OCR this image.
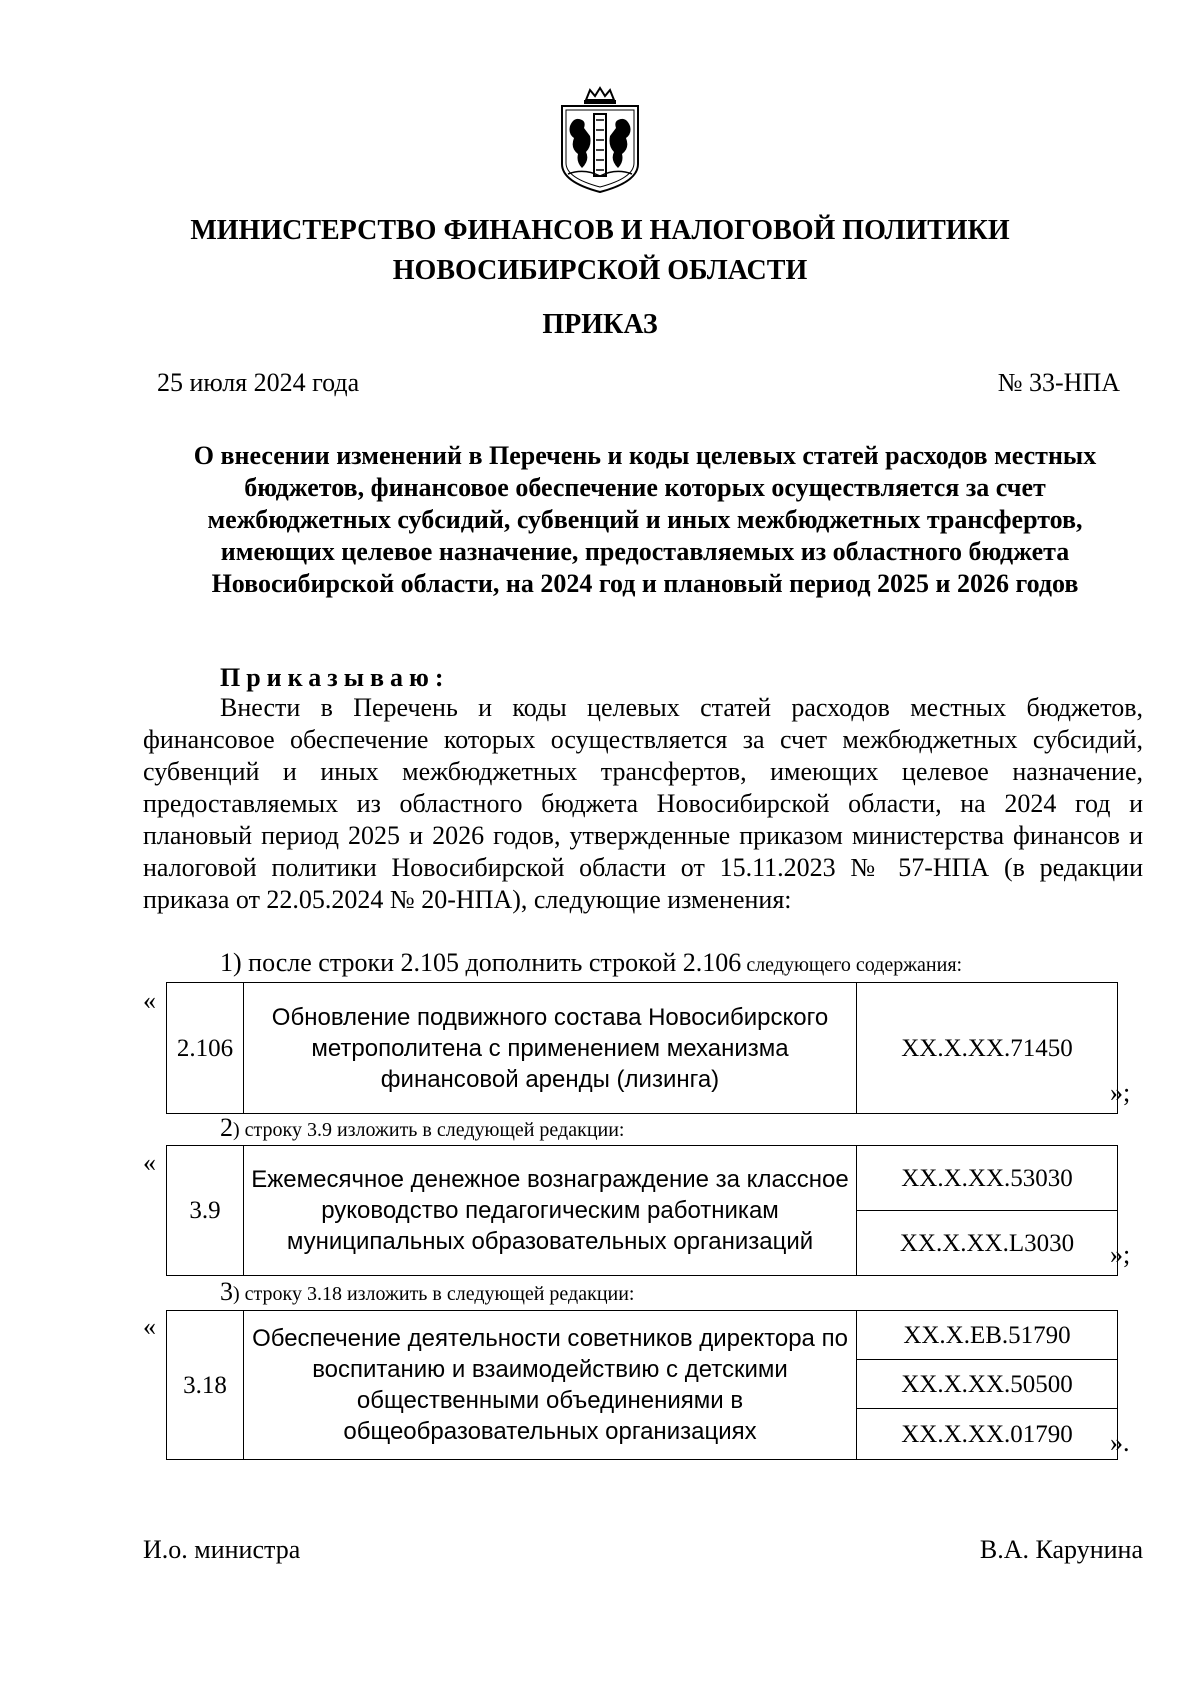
МИНИСТЕРСТВО ФИНАНСОВ И НАЛОГОВОЙ ПОЛИТИКИ
НОВОСИБИРСКОЙ ОБЛАСТИ
ПРИКАЗ
25 июля 2024 года	№ 33-НПА

О внесении изменений в Перечень и коды целевых статей расходов местных бюджетов, финансовое обеспечение которых осуществляется за счет межбюджетных субсидий, субвенций и иных межбюджетных трансфертов, имеющих целевое назначение, предоставляемых из областного бюджета Новосибирской области, на 2024 год и плановый период 2025 и 2026 годов

Приказываю:

Внести в Перечень и коды целевых статей расходов местных бюджетов, финансовое обеспечение которых осуществляется за счет межбюджетных субсидий, субвенций и иных межбюджетных трансфертов, имеющих целевое назначение, предоставляемых из областного бюджета Новосибирской области, на 2024 год и плановый период 2025 и 2026 годов, утвержденные приказом министерства финансов и налоговой политики Новосибирской области от 15.11.2023 № 57-НПА (в редакции приказа от 22.05.2024 № 20-НПА), следующие изменения:

1) после строки 2.105 дополнить строкой 2.106 следующего содержания:
«
2.106	Обновление подвижного состава Новосибирского метрополитена с применением механизма финансовой аренды (лизинга)	XX.X.XX.71450
»;
2) строку 3.9 изложить в следующей редакции:
«
3.9	Ежемесячное денежное вознаграждение за классное руководство педагогическим работникам муниципальных образовательных организаций	XX.X.XX.53030
XX.X.XX.L3030 »;
3) строку 3.18 изложить в следующей редакции:
«
3.18	Обеспечение деятельности советников директора по воспитанию и взаимодействию с детскими общественными объединениями в общеобразовательных организациях	XX.X.EB.51790
XX.X.XX.50500
XX.X.XX.01790 ».
И.о. министра	В.А. Карунина
